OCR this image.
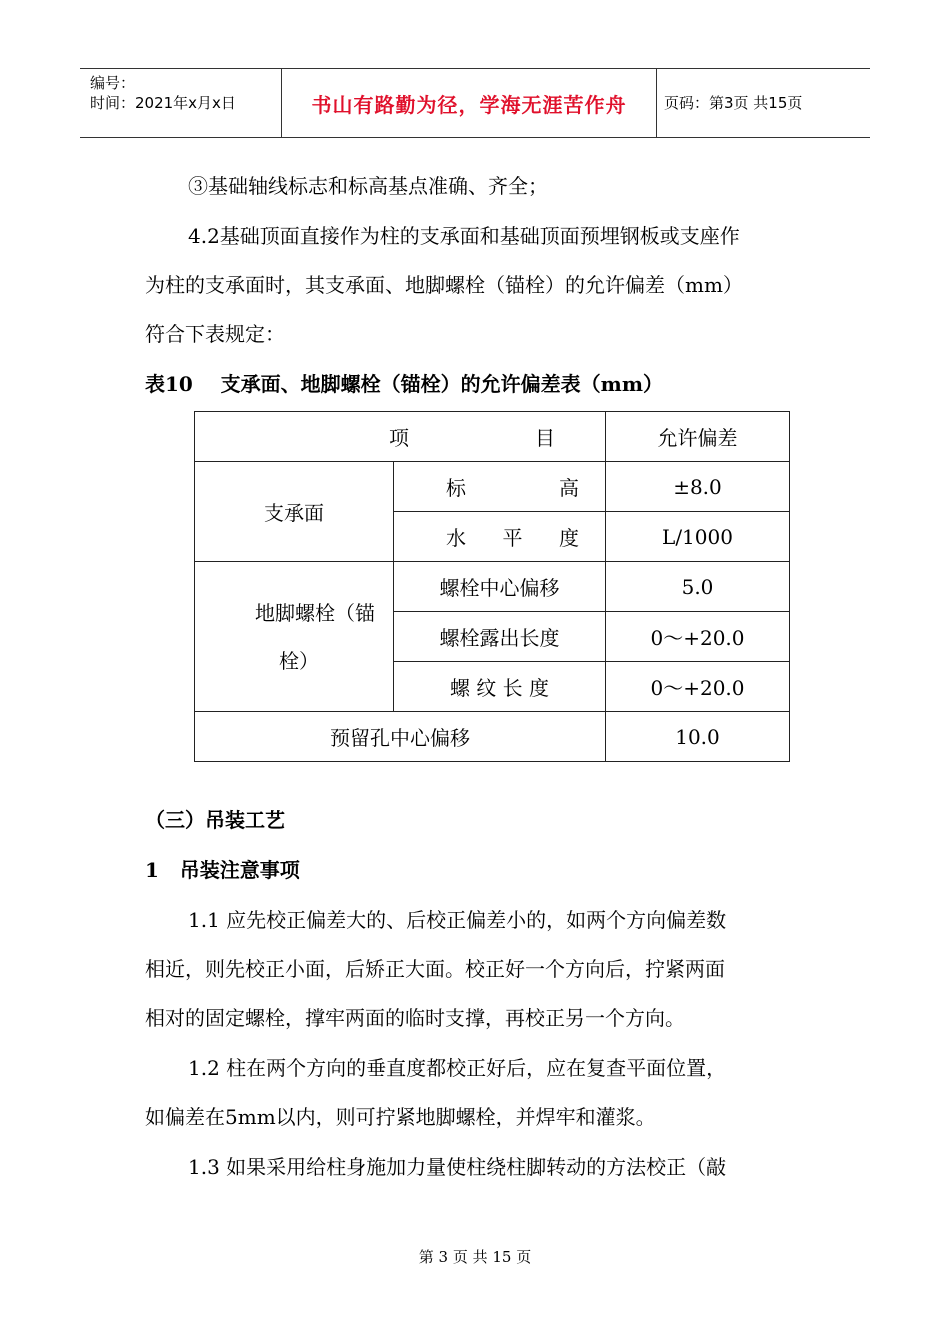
编号：
时间：2021年x月x日	书山有路勤为径，学海无涯苦作舟	页码：第3页 共15页
③基础轴线标志和标高基点准确、齐全；
4.2基础顶面直接作为柱的支承面和基础顶面预埋钢板或支座作
为柱的支承面时，其支承面、地脚螺栓（锚栓）的允许偏差（mm）
符合下表规定：
表10    支承面、地脚螺栓（锚栓）的允许偏差表（mm）
项 目		允许偏差
支承面	标 高	±8.0

	水 平 度	L/1000

地脚螺栓（锚
栓）	螺栓中心偏移	5.0
	螺栓露出长度	0～+20.0
	螺 纹 长 度	0～+20.0
预留孔中心偏移		10.0
（三）吊装工艺
1   吊装注意事项
1.1 应先校正偏差大的、后校正偏差小的，如两个方向偏差数
相近，则先校正小面，后矫正大面。校正好一个方向后，拧紧两面
相对的固定螺栓，撑牢两面的临时支撑，再校正另一个方向。
1.2 柱在两个方向的垂直度都校正好后，应在复查平面位置，
如偏差在5mm以内，则可拧紧地脚螺栓，并焊牢和灌浆。
1.3 如果采用给柱身施加力量使柱绕柱脚转动的方法校正（敲
第 3 页 共 15 页
